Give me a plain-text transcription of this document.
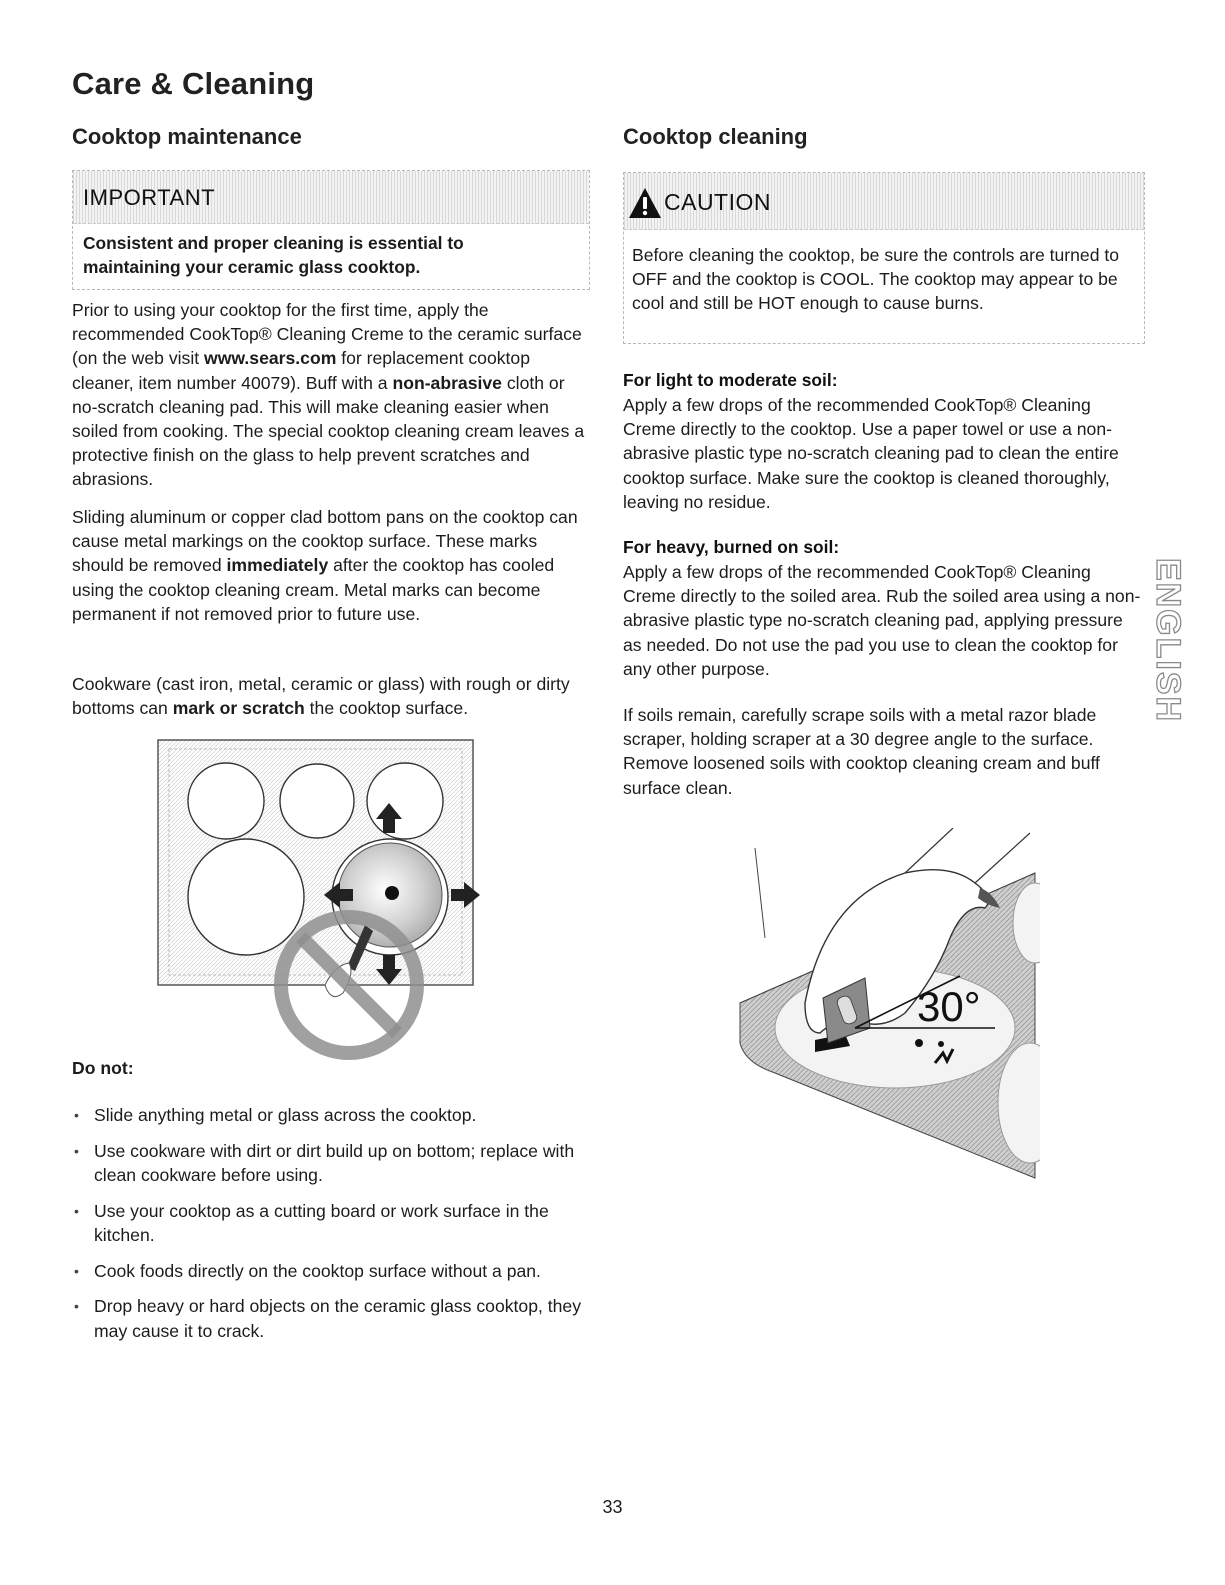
Care & Cleaning
Cooktop maintenance
IMPORTANT
Consistent and proper cleaning is essential to
maintaining your ceramic glass cooktop.
Prior to using your cooktop for the first time, apply the recommended CookTop® Cleaning Creme to the ceramic surface (on the web visit www.sears.com for replacement cooktop cleaner, item number 40079). Buff with a non-abrasive cloth or no-scratch cleaning pad. This will make cleaning easier when soiled from cooking. The special cooktop cleaning cream leaves a protective finish on the glass to help prevent scratches and abrasions.
Sliding aluminum or copper clad bottom pans on the cooktop can cause metal markings on the cooktop surface. These marks should be removed immediately after the cooktop has cooled using the cooktop cleaning cream. Metal marks can become permanent if not removed prior to future use.
Cookware (cast iron, metal, ceramic or glass) with rough or dirty bottoms can mark or scratch the cooktop surface.
Do not:
• Slide anything metal or glass across the cooktop.
• Use cookware with dirt or dirt build up on bottom; replace with clean cookware before using.
• Use your cooktop as a cutting board or work surface in the kitchen.
• Cook foods directly on the cooktop surface without a pan.
• Drop heavy or hard objects on the ceramic glass cooktop, they may cause it to crack.
Cooktop cleaning
CAUTION
Before cleaning the cooktop, be sure the controls are turned to OFF and the cooktop is COOL. The cooktop may appear to be cool and still be HOT enough to cause burns.
For light to moderate soil:
Apply a few drops of the recommended CookTop® Cleaning Creme directly to the cooktop. Use a paper towel or use a non-abrasive plastic type no-scratch cleaning pad to clean the entire cooktop surface. Make sure the cooktop is cleaned thoroughly, leaving no residue.
For heavy, burned on soil:
Apply a few drops of the recommended CookTop® Cleaning Creme directly to the soiled area. Rub the soiled area using a non-abrasive plastic type no-scratch cleaning pad, applying pressure as needed. Do not use the pad you use to clean the cooktop for any other purpose.
If soils remain, carefully scrape soils with a metal razor blade scraper, holding scraper at a 30 degree angle to the surface. Remove loosened soils with cooktop cleaning cream and buff surface clean.
30°
ENGLISH
33
